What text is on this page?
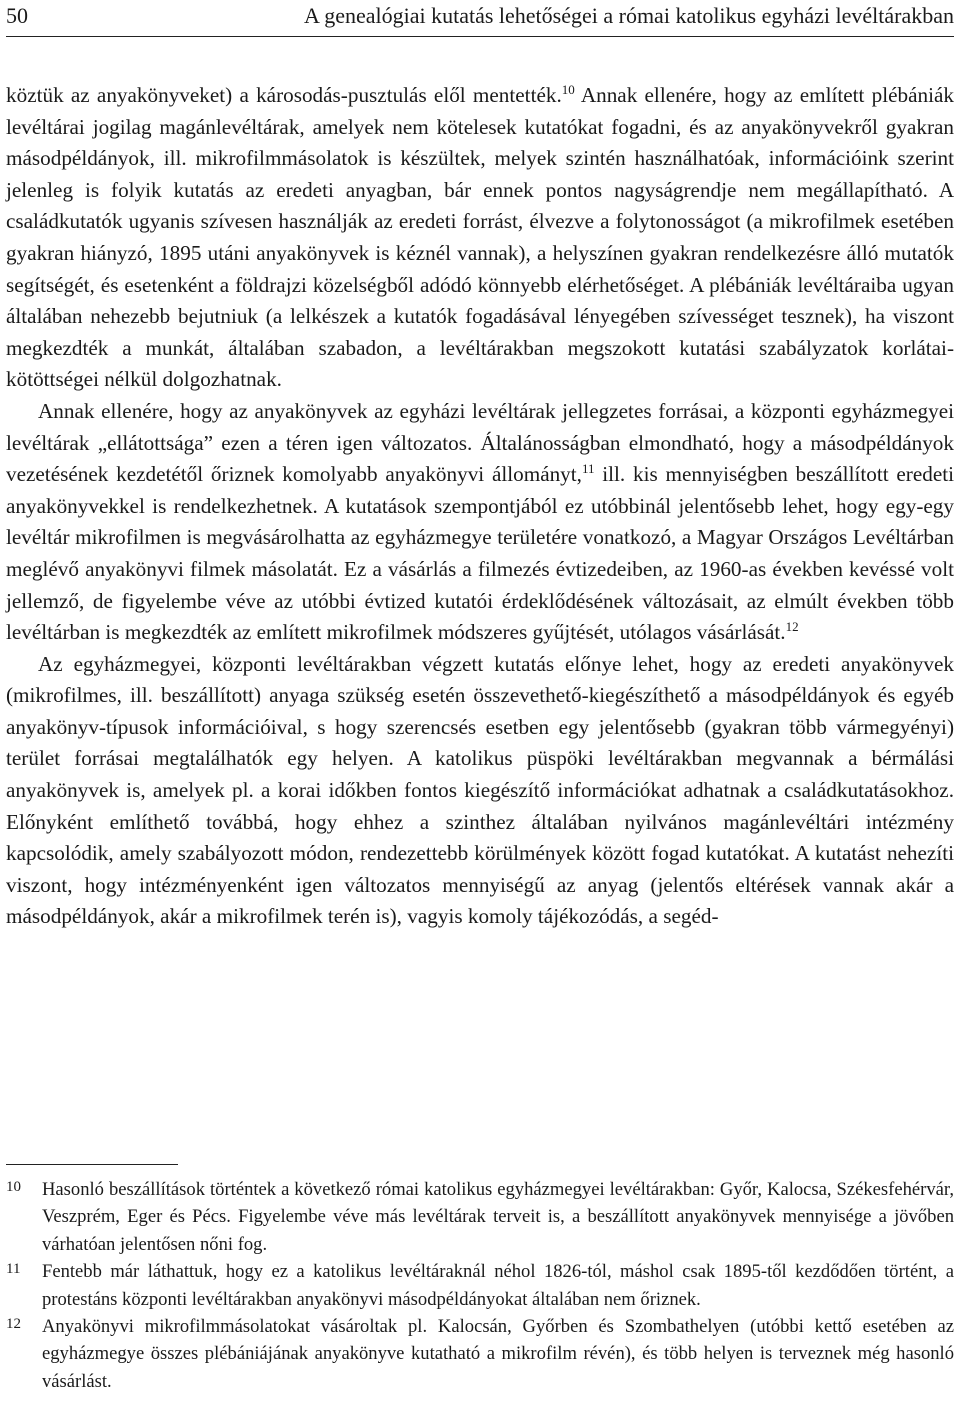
50	A genealógiai kutatás lehetőségei a római katolikus egyházi levéltárakban

köztük az anyakönyveket) a károsodás-pusztulás elől mentették.$^{10}$ Annak ellenére, hogy az említett plébániák levéltárai jogilag magánlevéltárak, amelyek nem kötelesek kutatókat fogadni, és az anyakönyvekről gyakran másodpéldányok, ill. mikrofilmmásolatok is készültek, melyek szintén használhatóak, információink szerint jelenleg is folyik kutatás az eredeti anyagban, bár ennek pontos nagyságrendje nem megállapítható. A családkutatók ugyanis szívesen használják az eredeti forrást, élvezve a folytonosságot (a mikrofilmek esetében gyakran hiányzó, 1895 utáni anyakönyvek is kéznél vannak), a helyszínen gyakran rendelkezésre álló mutatók segítségét, és esetenként a földrajzi közelségből adódó könnyebb elérhetőséget. A plébániák levéltáraiba ugyan általában nehezebb bejutniuk (a lelkészek a kutatók fogadásával lényegében szívességet tesznek), ha viszont megkezdték a munkát, általában szabadon, a levéltárakban megszokott kutatási szabályzatok korlátai-kötöttségei nélkül dolgozhatnak.

Annak ellenére, hogy az anyakönyvek az egyházi levéltárak jellegzetes forrásai, a központi egyházmegyei levéltárak „ellátottsága” ezen a téren igen változatos. Általánosságban elmondható, hogy a másodpéldányok vezetésének kezdetétől őriznek komolyabb anyakönyvi állományt,$^{11}$ ill. kis mennyiségben beszállított eredeti anyakönyvekkel is rendelkezhetnek. A kutatások szempontjából ez utóbbinál jelentősebb lehet, hogy egy-egy levéltár mikrofilmen is megvásárolhatta az egyházmegye területére vonatkozó, a Magyar Országos Levéltárban meglévő anyakönyvi filmek másolatát. Ez a vásárlás a filmezés évtizedeiben, az 1960-as években kevéssé volt jellemző, de figyelembe véve az utóbbi évtized kutatói érdeklődésének változásait, az elmúlt években több levéltárban is megkezdték az említett mikrofilmek módszeres gyűjtését, utólagos vásárlását.$^{12}$

Az egyházmegyei, központi levéltárakban végzett kutatás előnye lehet, hogy az eredeti anyakönyvek (mikrofilmes, ill. beszállított) anyaga szükség esetén összevethető-kiegészíthető a másodpéldányok és egyéb anyakönyv-típusok információival, s hogy szerencsés esetben egy jelentősebb (gyakran több vármegyényi) terület forrásai megtalálhatók egy helyen. A katolikus püspöki levéltárakban megvannak a bérmálási anyakönyvek is, amelyek pl. a korai időkben fontos kiegészítő információkat adhatnak a családkutatásokhoz. Előnyként említhető továbbá, hogy ehhez a szinthez általában nyilvános magánlevéltári intézmény kapcsolódik, amely szabályozott módon, rendezettebb körülmények között fogad kutatókat. A kutatást nehezíti viszont, hogy intézményenként igen változatos mennyiségű az anyag (jelentős eltérések vannak akár a másodpéldányok, akár a mikrofilmek terén is), vagyis komoly tájékozódás, a segéd-

10 Hasonló beszállítások történtek a következő római katolikus egyházmegyei levéltárakban: Győr, Kalocsa, Székesfehérvár, Veszprém, Eger és Pécs. Figyelembe véve más levéltárak terveit is, a beszállított anyakönyvek mennyisége a jövőben várhatóan jelentősen nőni fog.
11 Fentebb már láthattuk, hogy ez a katolikus levéltáraknál néhol 1826-tól, máshol csak 1895-től kezdődően történt, a protestáns központi levéltárakban anyakönyvi másodpéldányokat általában nem őriznek.
12 Anyakönyvi mikrofilmmásolatokat vásároltak pl. Kalocsán, Győrben és Szombathelyen (utóbbi kettő esetében az egyházmegye összes plébániájának anyakönyve kutatható a mikrofilm révén), és több helyen is terveznek még hasonló vásárlást.
